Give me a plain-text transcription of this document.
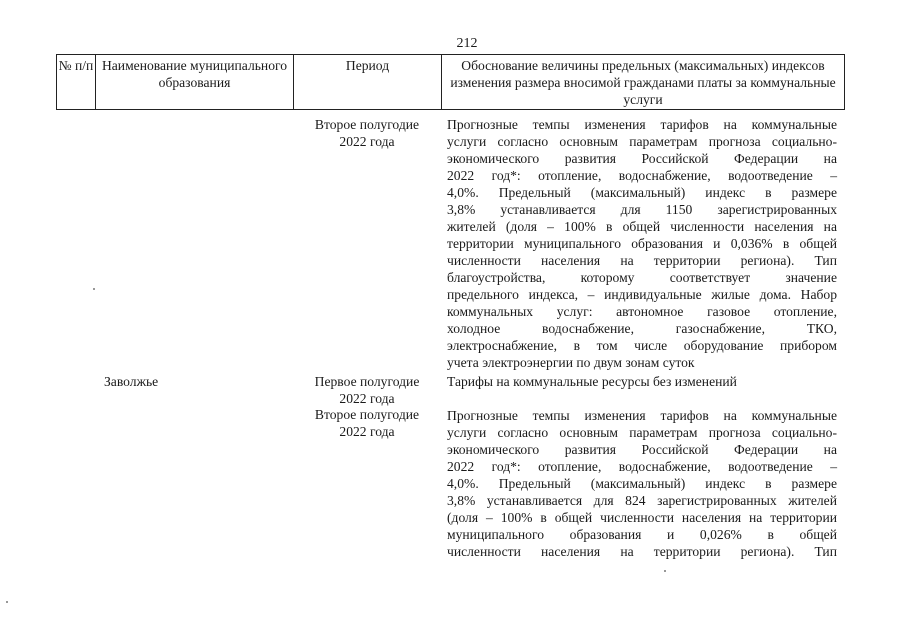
212
№ п/п Наименование муниципального образования
Период	Обоснование величины предельных (максимальных) индексов изменения размера вносимой гражданами платы за коммунальные услуги
Второе полугодие
2022 года
Прогнозные темпы изменения тарифов на коммунальные
услуги согласно основным параметрам прогноза социально-
экономического развития Российской Федерации на
2022 год*: отопление, водоснабжение, водоотведение –
4,0%. Предельный (максимальный) индекс в размере
3,8% устанавливается для 1150 зарегистрированных
жителей (доля – 100% в общей численности населения на
территории муниципального образования и 0,036% в общей
численности населения на территории региона). Тип
благоустройства, которому соответствует значение
предельного индекса, – индивидуальные жилые дома. Набор
коммунальных услуг: автономное газовое отопление,
холодное водоснабжение, газоснабжение, ТКО,
электроснабжение, в том числе оборудование прибором
учета электроэнергии по двум зонам суток
Заволжье	Первое полугодие
2022 года
Тарифы на коммунальные ресурсы без изменений
Второе полугодие
2022 года
Прогнозные темпы изменения тарифов на коммунальные
услуги согласно основным параметрам прогноза социально-
экономического развития Российской Федерации на
2022 год*: отопление, водоснабжение, водоотведение –
4,0%. Предельный (максимальный) индекс в размере
3,8% устанавливается для 824 зарегистрированных жителей
(доля – 100% в общей численности населения на территории
муниципального образования и 0,026% в общей
численности населения на территории региона). Тип
